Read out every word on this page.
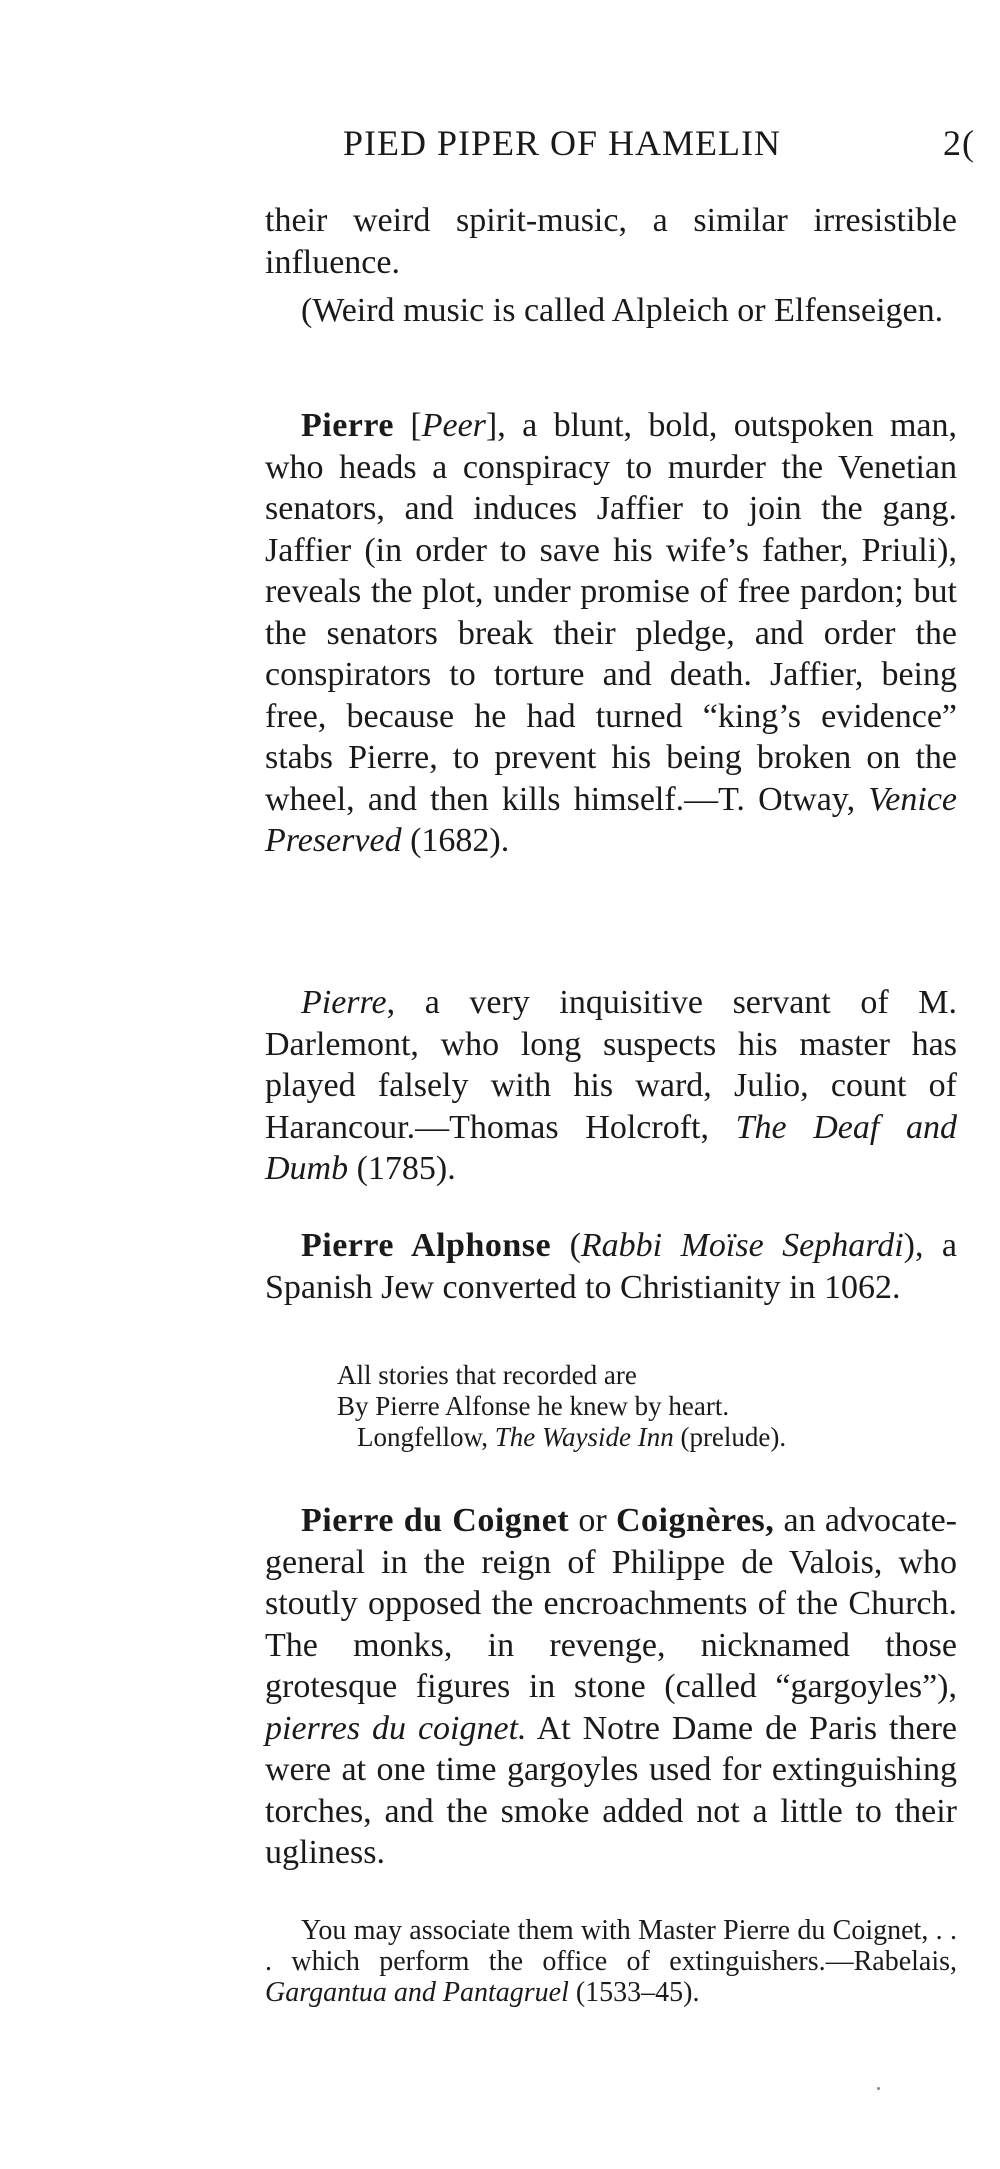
PIED PIPER OF HAMELIN	2(
their weird spirit-music, a similar irresistible influence.
(Weird music is called Alpleich or Elfenseigen.
Pierre [Peer], a blunt, bold, outspoken man, who heads a conspiracy to murder the Venetian senators, and induces Jaffier to join the gang. Jaffier (in order to save his wife’s father, Priuli), reveals the plot, under promise of free pardon; but the senators break their pledge, and order the conspirators to torture and death. Jaffier, being free, because he had turned “king’s evidence” stabs Pierre, to prevent his being broken on the wheel, and then kills himself.—T. Otway, Venice Preserved (1682).
Pierre, a very inquisitive servant of M. Darlemont, who long suspects his master has played falsely with his ward, Julio, count of Harancour.—Thomas Holcroft, The Deaf and Dumb (1785).
Pierre Alphonse (Rabbi Moïse Sephardi), a Spanish Jew converted to Christianity in 1062.
All stories that recorded are
By Pierre Alfonse he knew by heart.
Longfellow, The Wayside Inn (prelude).
Pierre du Coignet or Coignères, an advocate-general in the reign of Philippe de Valois, who stoutly opposed the encroachments of the Church. The monks, in revenge, nicknamed those grotesque figures in stone (called “gargoyles”), pierres du coignet. At Notre Dame de Paris there were at one time gargoyles used for extinguishing torches, and the smoke added not a little to their ugliness.
You may associate them with Master Pierre du Coignet, . . . which perform the office of extinguishers.—Rabelais, Gargantua and Pantagruel (1533–45).
